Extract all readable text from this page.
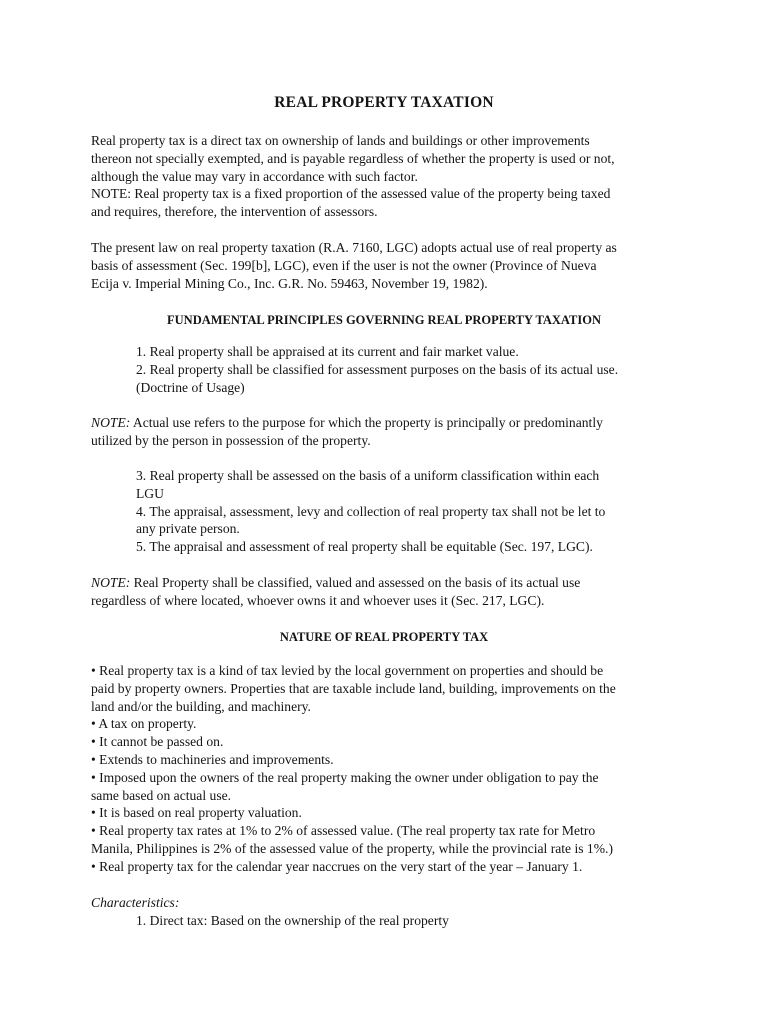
REAL PROPERTY TAXATION

Real property tax is a direct tax on ownership of lands and buildings or other improvements

thereon not specially exempted, and is payable regardless of whether the property is used or not,

although the value may vary in accordance with such factor.

NOTE: Real property tax is a fixed proportion of the assessed value of the property being taxed

and requires, therefore, the intervention of assessors.

The present law on real property taxation (R.A. 7160, LGC) adopts actual use of real property as

basis of assessment (Sec. 199[b], LGC), even if the user is not the owner (Province of Nueva

Ecija v. Imperial Mining Co., Inc. G.R. No. 59463, November 19, 1982).

FUNDAMENTAL PRINCIPLES GOVERNING REAL PROPERTY TAXATION

1. Real property shall be appraised at its current and fair market value.

2. Real property shall be classified for assessment purposes on the basis of its actual use.

(Doctrine of Usage)

NOTE: Actual use refers to the purpose for which the property is principally or predominantly

utilized by the person in possession of the property.

3. Real property shall be assessed on the basis of a uniform classification within each

LGU

4. The appraisal, assessment, levy and collection of real property tax shall not be let to

any private person.

5. The appraisal and assessment of real property shall be equitable (Sec. 197, LGC).

NOTE: Real Property shall be classified, valued and assessed on the basis of its actual use

regardless of where located, whoever owns it and whoever uses it (Sec. 217, LGC).

NATURE OF REAL PROPERTY TAX

• Real property tax is a kind of tax levied by the local government on properties and should be

paid by property owners. Properties that are taxable include land, building, improvements on the

land and/or the building, and machinery.

• A tax on property.

• It cannot be passed on.

• Extends to machineries and improvements.

• Imposed upon the owners of the real property making the owner under obligation to pay the

same based on actual use.

• It is based on real property valuation.

• Real property tax rates at 1% to 2% of assessed value. (The real property tax rate for Metro

Manila, Philippines is 2% of the assessed value of the property, while the provincial rate is 1%.)

• Real property tax for the calendar year naccrues on the very start of the year – January 1.

Characteristics:

1. Direct tax: Based on the ownership of the real property
